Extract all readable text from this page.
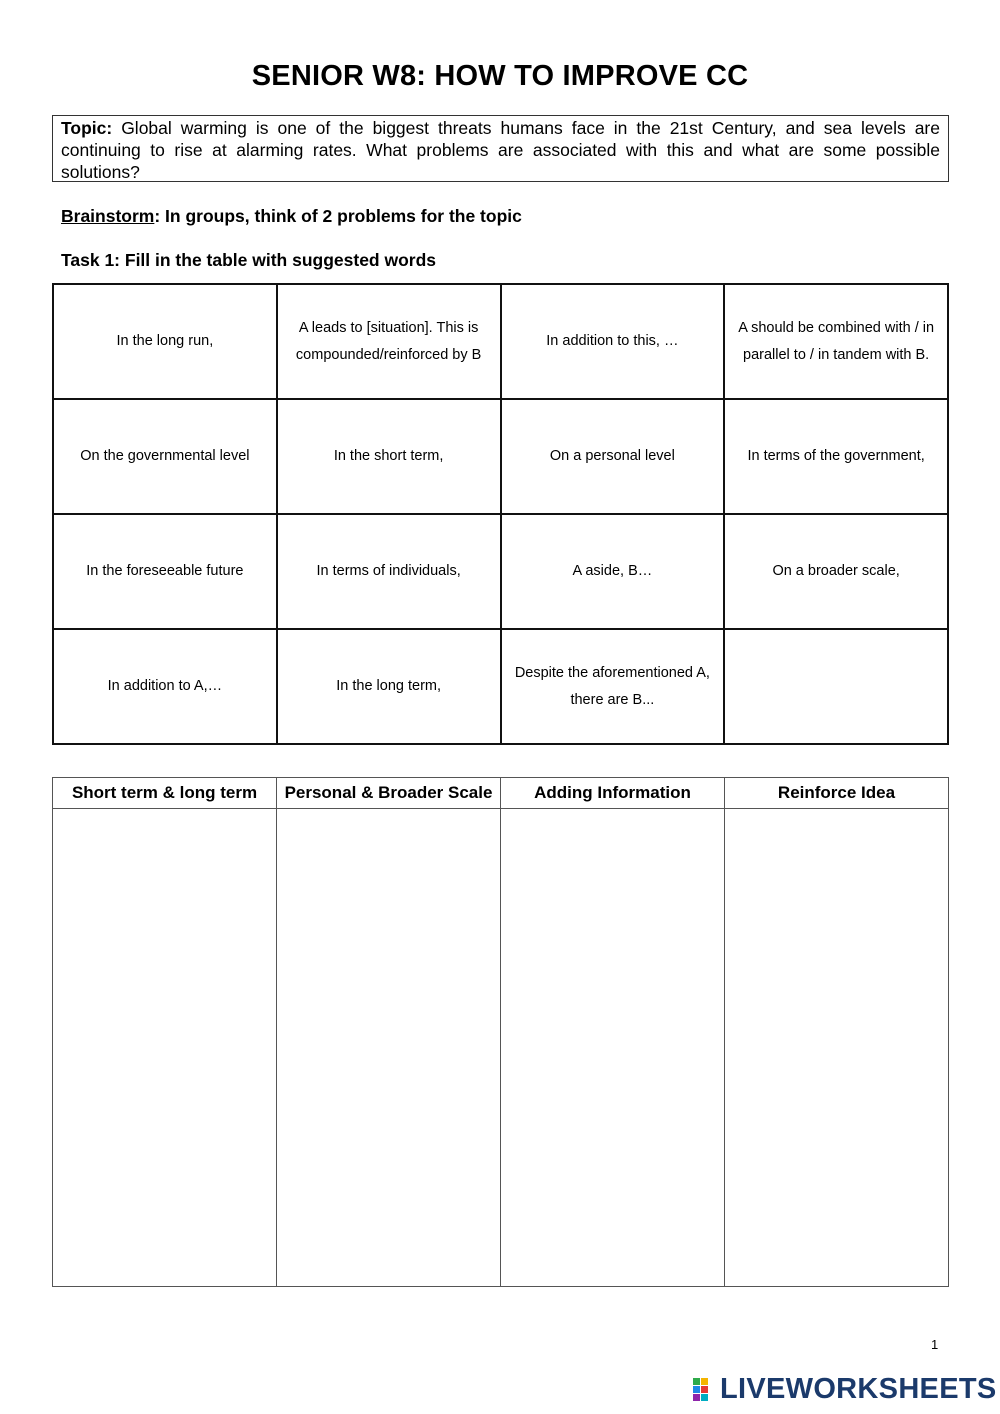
SENIOR W8: HOW TO IMPROVE CC
Topic: Global warming is one of the biggest threats humans face in the 21st Century, and sea levels are continuing to rise at alarming rates. What problems are associated with this and what are some possible solutions?
Brainstorm: In groups, think of 2 problems for the topic
Task 1: Fill in the table with suggested words
In the long run,	A leads to [situation]. This is compounded/reinforced by B	In addition to this, …	A should be combined with / in parallel to / in tandem with B.
On the governmental level	In the short term,	On a personal level	In terms of the government,
In the foreseeable future	In terms of individuals,	A aside, B…	On a broader scale,
In addition to A,…	In the long term,	Despite the aforementioned A, there are B...	
Short term & long term	Personal & Broader Scale	Adding Information	Reinforce Idea

1
LIVEWORKSHEETS
